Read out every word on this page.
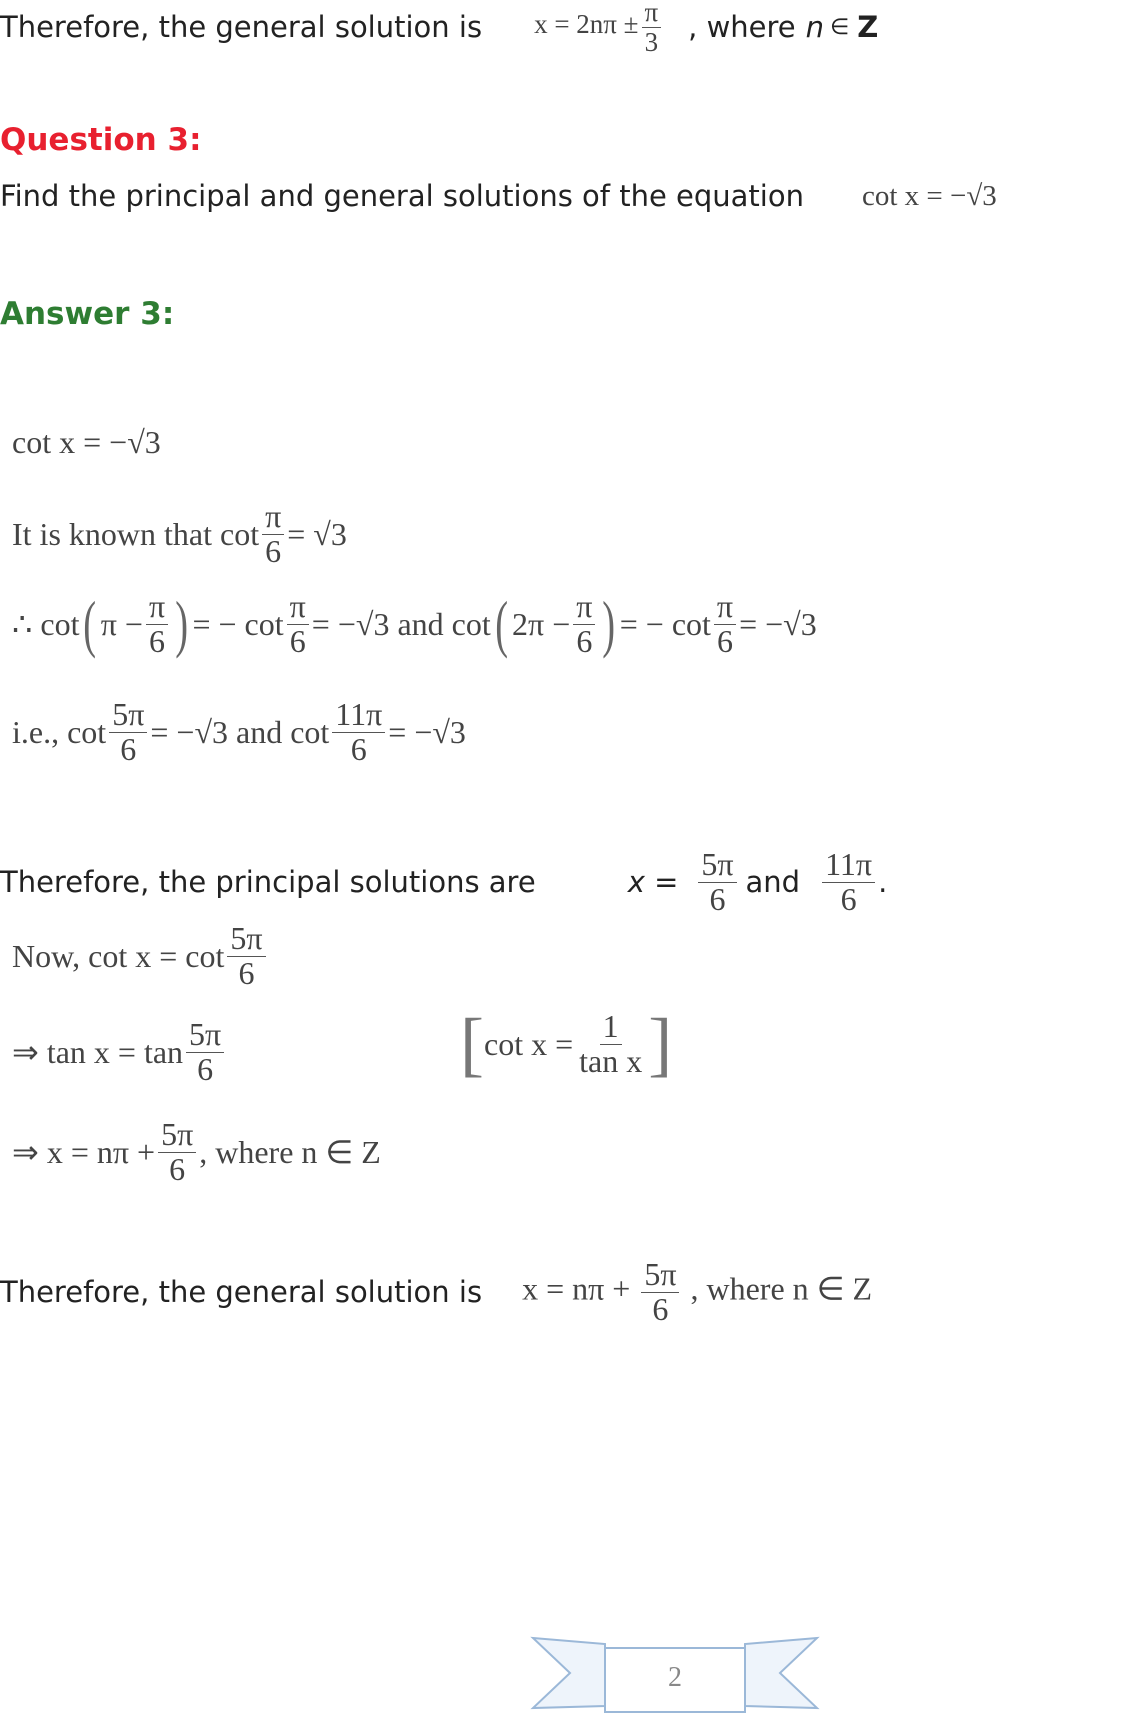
Therefore, the general solution is $x = 2n\pi \pm \frac{\pi}{3}$ , where n ∈ Z
Question 3:
Find the principal and general solutions of the equation cot x = −√3
Answer 3:
cot x = −√3
It is known that $\cot \frac{\pi}{6} = √3$
∴ cot ( $\pi - \frac{\pi}{6}$ ) = − $\cot \frac{\pi}{6} = -√3$ and cot ( $2\pi - \frac{\pi}{6}$ ) = − $\cot \frac{\pi}{6} = -√3$
i.e., $\cot \frac{5\pi}{6} = -√3$ and $\cot \frac{11\pi}{6} = -√3$
Therefore, the principal solutions are	$x = \frac{5\pi}{6}$ and $\frac{11\pi}{6}$ .
Now, $\cot x = \cot \frac{5\pi}{6}$
⇒ $\tan x = \tan \frac{5\pi}{6}$	[ $\cot x = \frac{1}{\text{tan x}}$ ]
⇒ $x = n\pi + \frac{5\pi}{6}$ , where n ∈ Z
Therefore, the general solution is $x = n\pi + \frac{5\pi}{6}$ , where n ∈ Z
2
